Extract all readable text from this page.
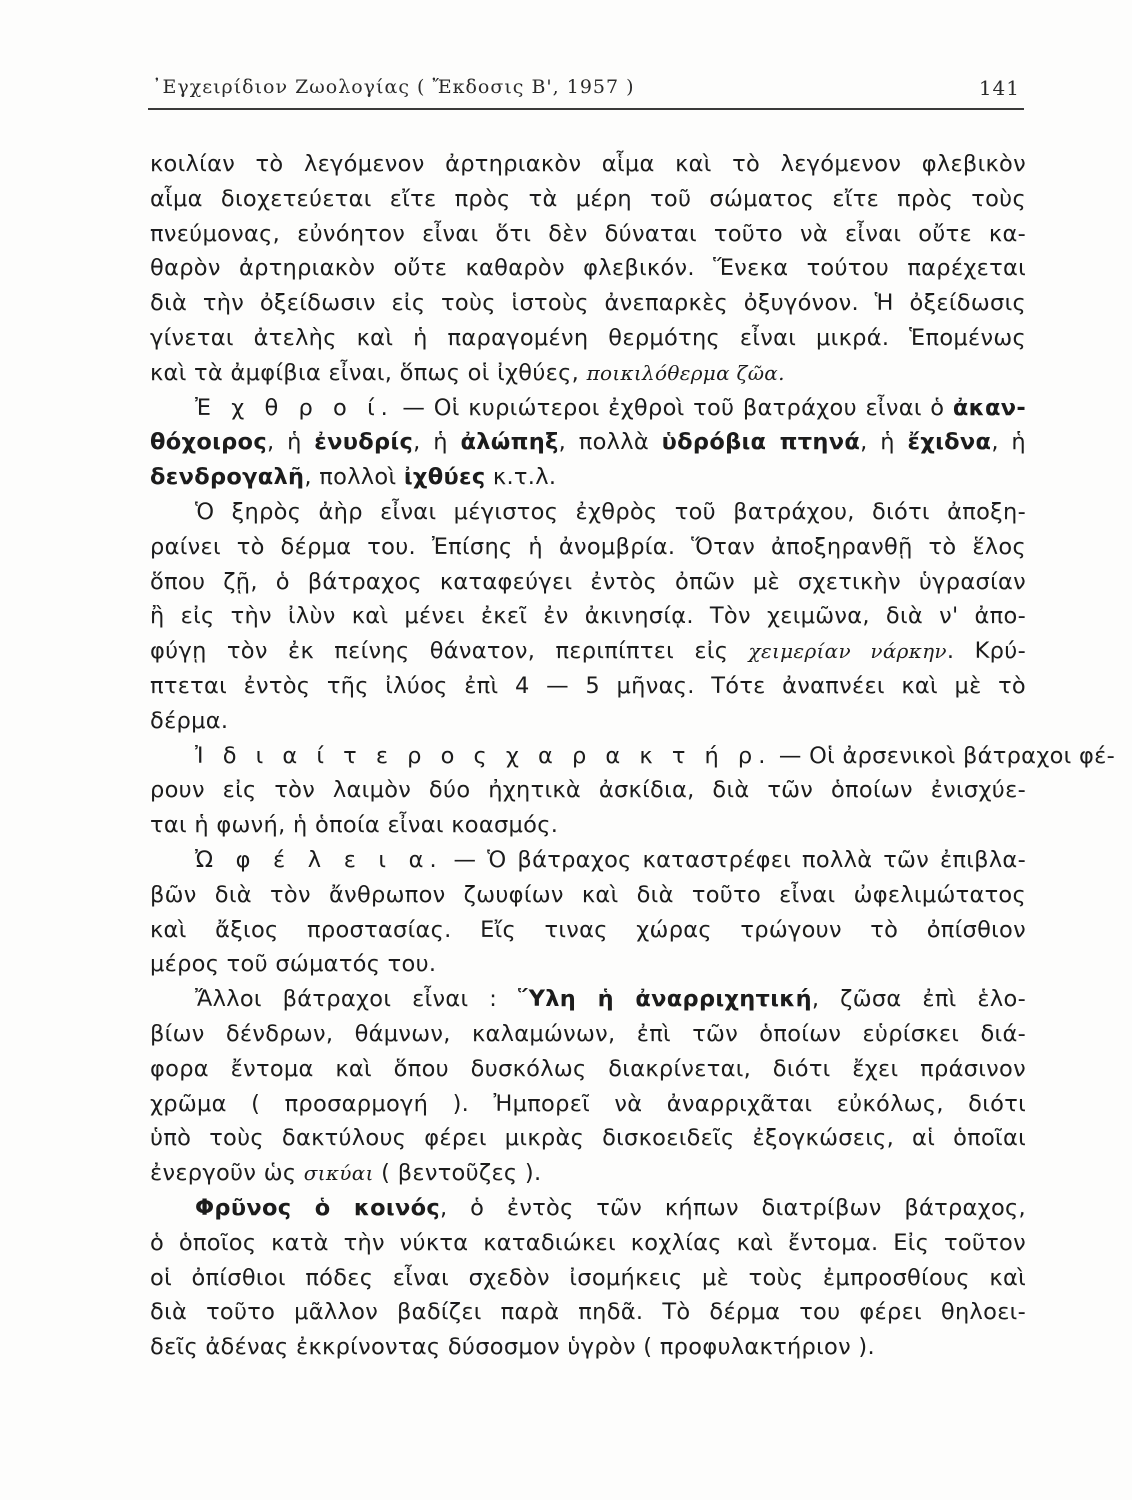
᾿Εγχειρίδιον Ζωολογίας ( Ἔκδοσις Β', 1957 )	141
κοιλίαν τὸ λεγόμενον ἀρτηριακὸν αἷμα καὶ τὸ λεγόμενον φλεβικὸν
αἷμα διοχετεύεται εἴτε πρὸς τὰ μέρη τοῦ σώματος εἴτε πρὸς τοὺς
πνεύμονας, εὐνόητον εἶναι ὅτι δὲν δύναται τοῦτο νὰ εἶναι οὔτε κα-
θαρὸν ἀρτηριακὸν οὔτε καθαρὸν φλεβικόν. Ἕνεκα τούτου παρέχεται
διὰ τὴν ὀξείδωσιν εἰς τοὺς ἱστοὺς ἀνεπαρκὲς ὀξυγόνον. Ἡ ὀξείδωσις
γίνεται ἀτελὴς καὶ ἡ παραγομένη θερμότης εἶναι μικρά. Ἑπομένως
καὶ τὰ ἀμφίβια εἶναι, ὅπως οἱ ἰχθύες, ποικιλόθερμα ζῶα.
Ἐ χ θ ρ ο ί. — Οἱ κυριώτεροι ἐχθροὶ τοῦ βατράχου εἶναι ὁ ἀκαν-
θόχοιρος, ἡ ἐνυδρίς, ἡ ἀλώπηξ, πολλὰ ὑδρόβια πτηνά, ἡ ἔχιδνα, ἡ
δενδρογαλῆ, πολλοὶ ἰχθύες κ.τ.λ.
Ὁ ξηρὸς ἀὴρ εἶναι μέγιστος ἐχθρὸς τοῦ βατράχου, διότι ἀποξη-
ραίνει τὸ δέρμα του. Ἐπίσης ἡ ἀνομβρία. Ὅταν ἀποξηρανθῇ τὸ ἕλος
ὅπου ζῇ, ὁ βάτραχος καταφεύγει ἐντὸς ὀπῶν μὲ σχετικὴν ὑγρασίαν
ἢ εἰς τὴν ἰλὺν καὶ μένει ἐκεῖ ἐν ἀκινησίᾳ. Τὸν χειμῶνα, διὰ ν' ἀπο-
φύγῃ τὸν ἐκ πείνης θάνατον, περιπίπτει εἰς χειμερίαν νάρκην. Κρύ-
πτεται ἐντὸς τῆς ἰλύος ἐπὶ 4 — 5 μῆνας. Τότε ἀναπνέει καὶ μὲ τὸ
δέρμα.
Ἰ δ ι α ί τ ε ρ ο ς χ α ρ α κ τ ή ρ. — Οἱ ἀρσενικοὶ βάτραχοι φέ-
ρουν εἰς τὸν λαιμὸν δύο ἠχητικὰ ἀσκίδια, διὰ τῶν ὁποίων ἐνισχύε-
ται ἡ φωνή, ἡ ὁποία εἶναι κοασμός.
Ὠ φ έ λ ε ι α. — Ὁ βάτραχος καταστρέφει πολλὰ τῶν ἐπιβλα-
βῶν διὰ τὸν ἄνθρωπον ζωυφίων καὶ διὰ τοῦτο εἶναι ὠφελιμώτατος
καὶ ἄξιος προστασίας. Εἴς τινας χώρας τρώγουν τὸ ὀπίσθιον
μέρος τοῦ σώματός του.
Ἄλλοι βάτραχοι εἶναι : Ὕλη ἡ ἀναρριχητική, ζῶσα ἐπὶ ἑλο-
βίων δένδρων, θάμνων, καλαμώνων, ἐπὶ τῶν ὁποίων εὑρίσκει διά-
φορα ἔντομα καὶ ὅπου δυσκόλως διακρίνεται, διότι ἔχει πράσινον
χρῶμα ( προσαρμογή ). Ἠμπορεῖ νὰ ἀναρριχᾶται εὐκόλως, διότι
ὑπὸ τοὺς δακτύλους φέρει μικρὰς δισκοειδεῖς ἐξογκώσεις, αἱ ὁποῖαι
ἐνεργοῦν ὡς σικύαι ( βεντοῦζες ).
Φρῦνος ὁ κοινός, ὁ ἐντὸς τῶν κήπων διατρίβων βάτραχος,
ὁ ὁποῖος κατὰ τὴν νύκτα καταδιώκει κοχλίας καὶ ἔντομα. Εἰς τοῦτον
οἱ ὀπίσθιοι πόδες εἶναι σχεδὸν ἰσομήκεις μὲ τοὺς ἐμπροσθίους καὶ
διὰ τοῦτο μᾶλλον βαδίζει παρὰ πηδᾶ. Τὸ δέρμα του φέρει θηλοει-
δεῖς ἀδένας ἐκκρίνοντας δύσοσμον ὑγρὸν ( προφυλακτήριον ).
